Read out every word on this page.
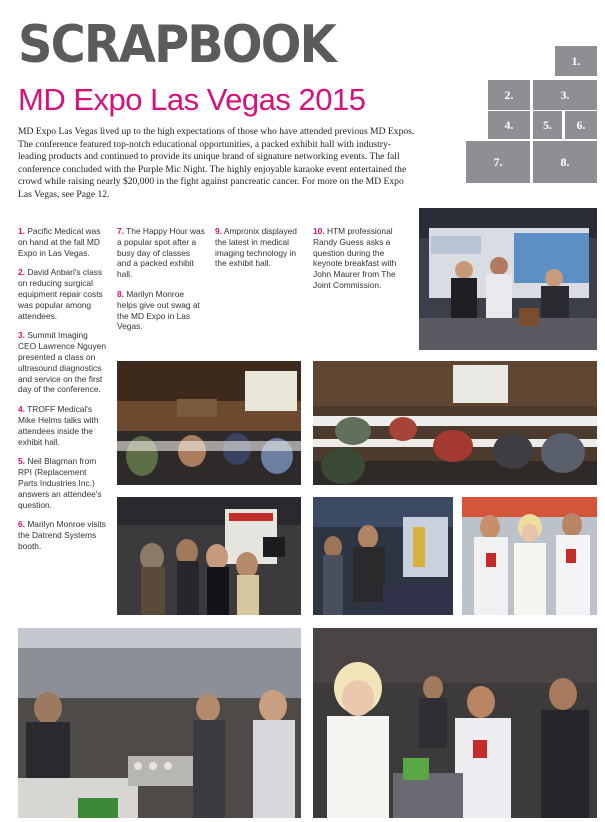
SCRAPBOOK
MD Expo Las Vegas 2015

MD Expo Las Vegas lived up to the high expectations of those who have attended previous MD Expos. The conference featured top-notch educational opportunities, a packed exhibit hall with industry-leading products and continued to provide its unique brand of signature networking events. The fall conference concluded with the Purple Mic Night. The highly enjoyable karaoke event entertained the crowd while raising nearly $20,000 in the fight against pancreatic cancer. For more on the MD Expo Las Vegas, see Page 12.

1.
2.	3.
4.	5.	6.
7.	8.

1. Pacific Medical was on hand at the fall MD Expo in Las Vegas.

2. David Anbari's class on reducing surgical equipment repair costs was popular among attendees.

3. Summit Imaging CEO Lawrence Nguyen presented a class on ultrasound diagnostics and service on the first day of the conference.

4. TROFF Medical's Mike Helms talks with attendees inside the exhibit hall.

5. Neil Blagman from RPI (Replacement Parts Industries Inc.) answers an attendee's question.

6. Marilyn Monroe visits the Datrend Systems booth.

7. The Happy Hour was a popular spot after a busy day of classes and a packed exhibit hall.

8. Marilyn Monroe helps give out swag at the MD Expo in Las Vegas.

9. Ampronix displayed the latest in medical imaging technology in the exhibit hall.

10. HTM professional Randy Guess asks a question during the keynote breakfast with John Maurer from The Joint Commission.
